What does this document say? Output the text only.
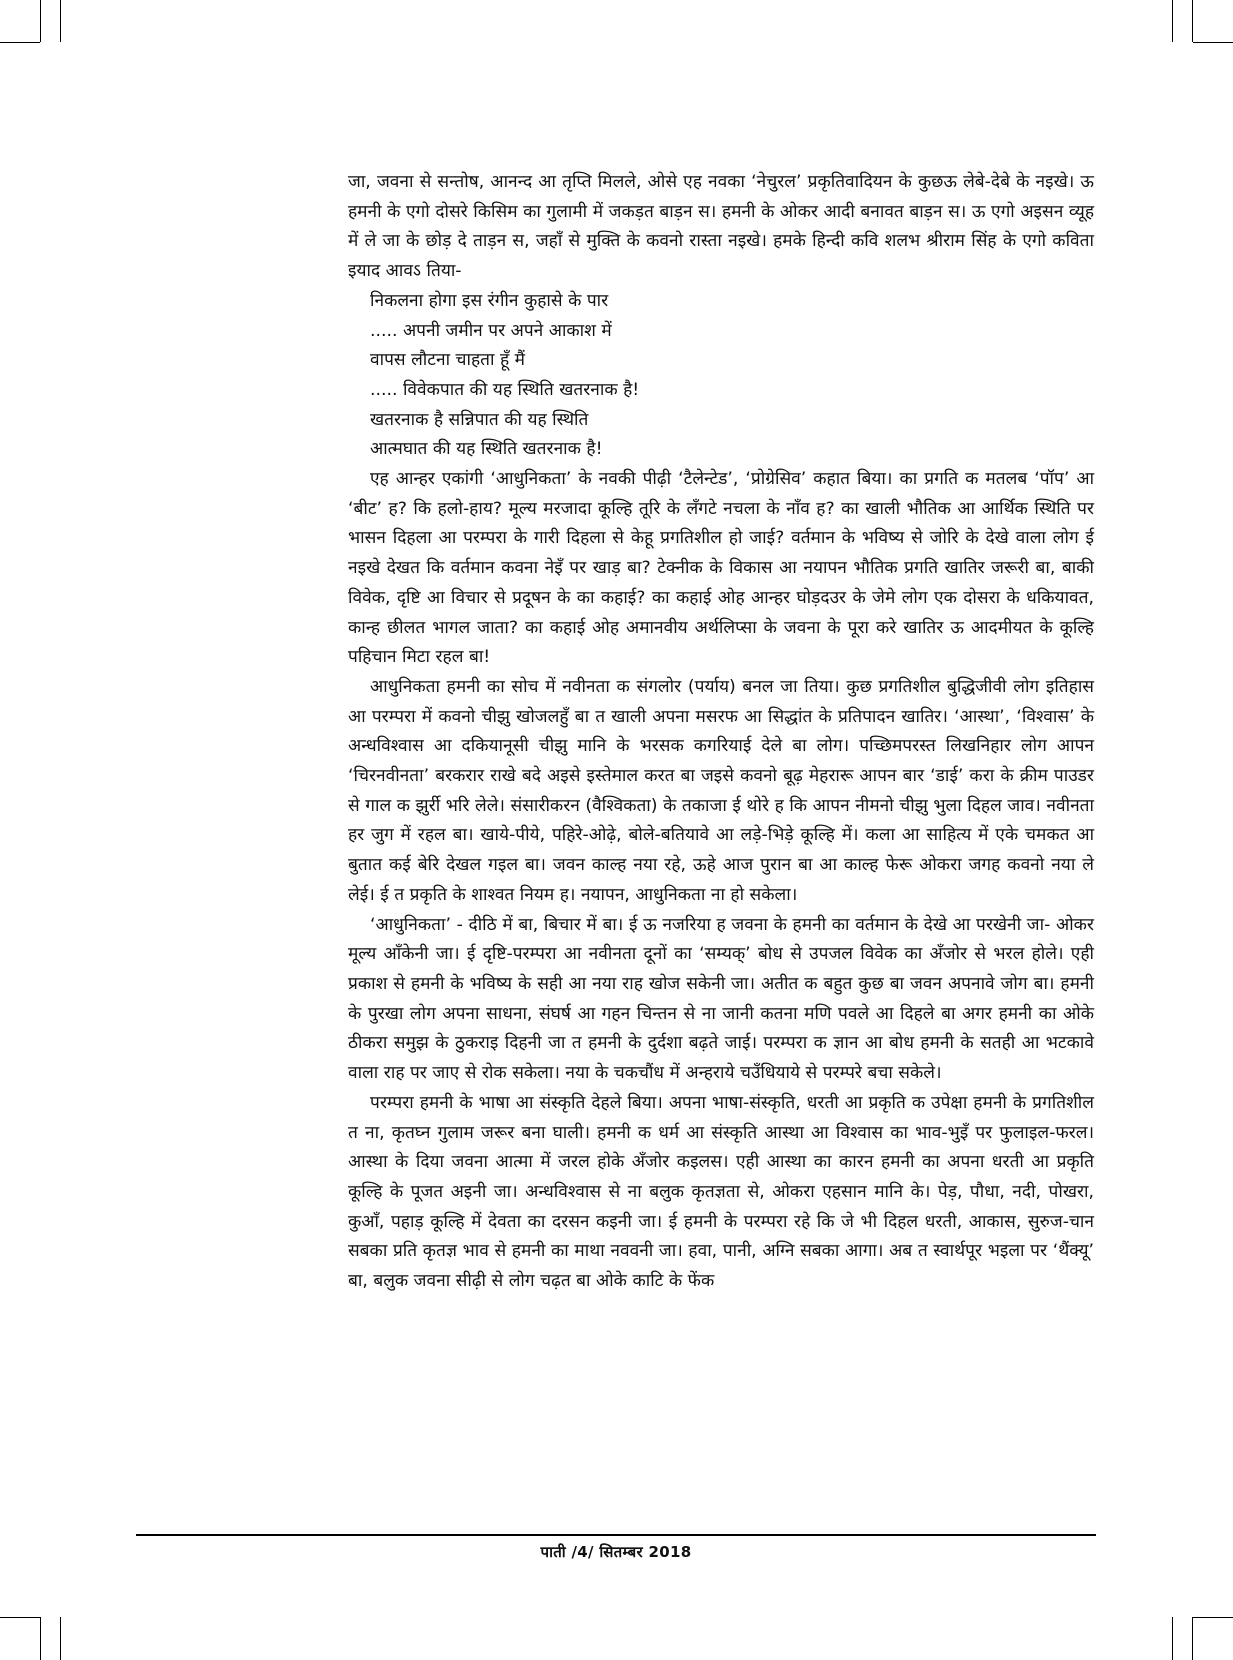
जा, जवना से सन्तोष, आनन्द आ तृप्ति मिलले, ओसे एह नवका ‘नेचुरल’ प्रकृतिवादियन के कुछऊ लेबे-देबे के नइखे। ऊ हमनी के एगो दोसरे किसिम का गुलामी में जकड़त बाड़न स। हमनी के ओकर आदी बनावत बाड़न स। ऊ एगो अइसन व्यूह में ले जा के छोड़ दे ताड़न स, जहाँ से मुक्ति के कवनो रास्ता नइखे। हमके हिन्दी कवि शलभ श्रीराम सिंह के एगो कविता इयाद आवऽ तिया-

निकलना होगा इस रंगीन कुहासे के पार
..... अपनी जमीन पर अपने आकाश में
वापस लौटना चाहता हूँ मैं
..... विवेकपात की यह स्थिति खतरनाक है!
खतरनाक है सन्निपात की यह स्थिति
आत्मघात की यह स्थिति खतरनाक है!

एह आन्हर एकांगी ‘आधुनिकता’ के नवकी पीढ़ी ‘टैलेन्टेड’, ‘प्रोग्रेसिव’ कहात बिया। का प्रगति क मतलब ‘पॉप’ आ ‘बीट’ ह? कि हलो-हाय? मूल्य मरजादा कूल्हि तूरि के लँगटे नचला के नाँव ह? का खाली भौतिक आ आर्थिक स्थिति पर भासन दिहला आ परम्परा के गारी दिहला से केहू प्रगतिशील हो जाई? वर्तमान के भविष्य से जोरि के देखे वाला लोग ई नइखे देखत कि वर्तमान कवना नेइँ पर खाड़ बा? टेक्नीक के विकास आ नयापन भौतिक प्रगति खातिर जरूरी बा, बाकी विवेक, दृष्टि आ विचार से प्रदूषन के का कहाई? का कहाई ओह आन्हर घोड़दउर के जेमे लोग एक दोसरा के धकियावत, कान्ह छीलत भागल जाता? का कहाई ओह अमानवीय अर्थलिप्सा के जवना के पूरा करे खातिर ऊ आदमीयत के कूल्हि पहिचान मिटा रहल बा!

आधुनिकता हमनी का सोच में नवीनता क संगलोर (पर्याय) बनल जा तिया। कुछ प्रगतिशील बुद्धिजीवी लोग इतिहास आ परम्परा में कवनो चीझु खोजलहुँ बा त खाली अपना मसरफ आ सिद्धांत के प्रतिपादन खातिर। ‘आस्था’, ‘विश्वास’ के अन्धविश्वास आ दकियानूसी चीझु मानि के भरसक कगरियाई देले बा लोग। पच्छिमपरस्त लिखनिहार लोग आपन ‘चिरनवीनता’ बरकरार राखे बदे अइसे इस्तेमाल करत बा जइसे कवनो बूढ़ मेहरारू आपन बार ‘डाई’ करा के क्रीम पाउडर से गाल क झुर्री भरि लेले। संसारीकरन (वैश्विकता) के तकाजा ई थोरे ह कि आपन नीमनो चीझु भुला दिहल जाव। नवीनता हर जुग में रहल बा। खाये-पीये, पहिरे-ओढ़े, बोले-बतियावे आ लड़े-भिड़े कूल्हि में। कला आ साहित्य में एके चमकत आ बुतात कई बेरि देखल गइल बा। जवन काल्ह नया रहे, ऊहे आज पुरान बा आ काल्ह फेरू ओकरा जगह कवनो नया ले लेई। ई त प्रकृति के शाश्वत नियम ह। नयापन, आधुनिकता ना हो सकेला।

‘आधुनिकता’ - दीठि में बा, बिचार में बा। ई ऊ नजरिया ह जवना के हमनी का वर्तमान के देखे आ परखेनी जा- ओकर मूल्य आँकेनी जा। ई दृष्टि-परम्परा आ नवीनता दूनों का ‘सम्यक्’ बोध से उपजल विवेक का अँजोर से भरल होले। एही प्रकाश से हमनी के भविष्य के सही आ नया राह खोज सकेनी जा। अतीत क बहुत कुछ बा जवन अपनावे जोग बा। हमनी के पुरखा लोग अपना साधना, संघर्ष आ गहन चिन्तन से ना जानी कतना मणि पवले आ दिहले बा अगर हमनी का ओके ठीकरा समुझ के ठुकराइ दिहनी जा त हमनी के दुर्दशा बढ़ते जाई। परम्परा क ज्ञान आ बोध हमनी के सतही आ भटकावे वाला राह पर जाए से रोक सकेला। नया के चकचौंध में अन्हराये चउँधियाये से परम्परे बचा सकेले।

परम्परा हमनी के भाषा आ संस्कृति देहले बिया। अपना भाषा-संस्कृति, धरती आ प्रकृति क उपेक्षा हमनी के प्रगतिशील त ना, कृतघ्न गुलाम जरूर बना घाली। हमनी क धर्म आ संस्कृति आस्था आ विश्वास का भाव-भुइँ पर फुलाइल-फरल। आस्था के दिया जवना आत्मा में जरल होके अँजोर कइलस। एही आस्था का कारन हमनी का अपना धरती आ प्रकृति कूल्हि के पूजत अइनी जा। अन्धविश्वास से ना बलुक कृतज्ञता से, ओकरा एहसान मानि के। पेड़, पौधा, नदी, पोखरा, कुआँ, पहाड़ कूल्हि में देवता का दरसन कइनी जा। ई हमनी के परम्परा रहे कि जे भी दिहल धरती, आकास, सुरुज-चान सबका प्रति कृतज्ञ भाव से हमनी का माथा नववनी जा। हवा, पानी, अग्नि सबका आगा। अब त स्वार्थपूर भइला पर ‘थैंक्यू’ बा, बलुक जवना सीढ़ी से लोग चढ़त बा ओके काटि के फेंक

पाती /4/ सितम्बर 2018
